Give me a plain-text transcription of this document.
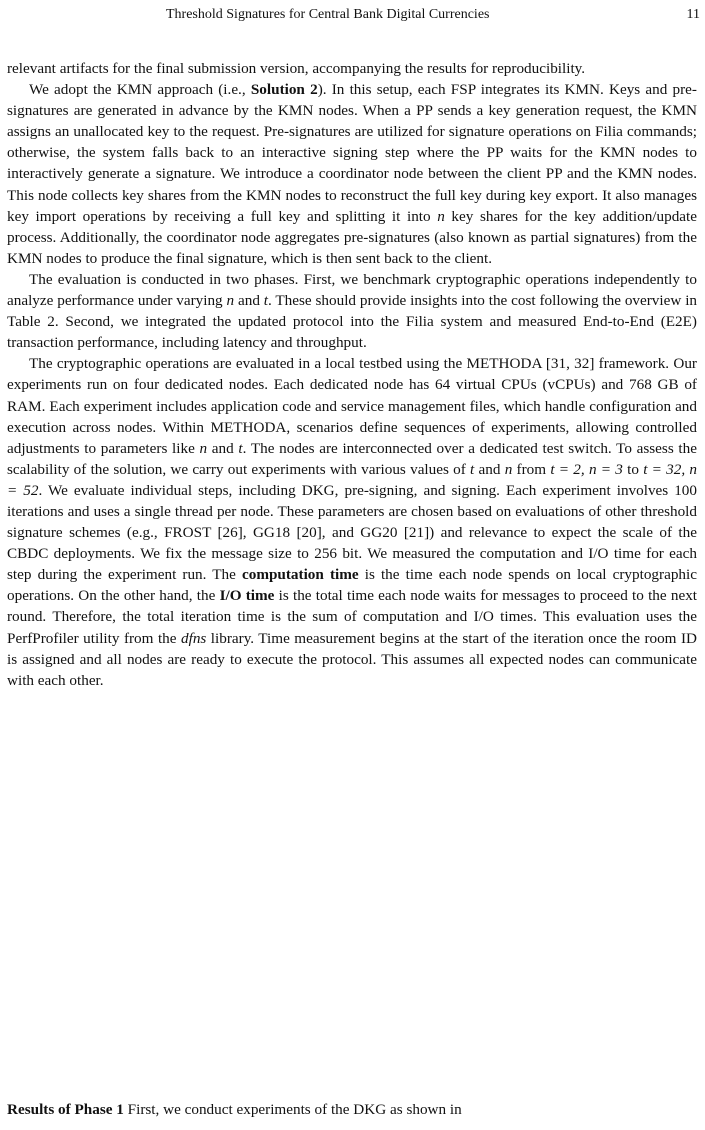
Threshold Signatures for Central Bank Digital Currencies	11

relevant artifacts for the final submission version, accompanying the results for reproducibility.

We adopt the KMN approach (i.e., Solution 2). In this setup, each FSP integrates its KMN. Keys and pre-signatures are generated in advance by the KMN nodes. When a PP sends a key generation request, the KMN assigns an unallocated key to the request. Pre-signatures are utilized for signature operations on Filia commands; otherwise, the system falls back to an interactive signing step where the PP waits for the KMN nodes to interactively generate a signature. We introduce a coordinator node between the client PP and the KMN nodes. This node collects key shares from the KMN nodes to reconstruct the full key during key export. It also manages key import operations by receiving a full key and splitting it into n key shares for the key addition/update process. Additionally, the coordinator node aggregates pre-signatures (also known as partial signatures) from the KMN nodes to produce the final signature, which is then sent back to the client.

The evaluation is conducted in two phases. First, we benchmark cryptographic operations independently to analyze performance under varying n and t. These should provide insights into the cost following the overview in Table 2. Second, we integrated the updated protocol into the Filia system and measured End-to-End (E2E) transaction performance, including latency and throughput.

The cryptographic operations are evaluated in a local testbed using the METHODA [31, 32] framework. Our experiments run on four dedicated nodes. Each dedicated node has 64 virtual CPUs (vCPUs) and 768 GB of RAM. Each experiment includes application code and service management files, which handle configuration and execution across nodes. Within METHODA, scenarios define sequences of experiments, allowing controlled adjustments to parameters like n and t. The nodes are interconnected over a dedicated test switch. To assess the scalability of the solution, we carry out experiments with various values of t and n from t = 2, n = 3 to t = 32, n = 52. We evaluate individual steps, including DKG, pre-signing, and signing. Each experiment involves 100 iterations and uses a single thread per node. These parameters are chosen based on evaluations of other threshold signature schemes (e.g., FROST [26], GG18 [20], and GG20 [21]) and relevance to expect the scale of the CBDC deployments. We fix the message size to 256 bit. We measured the computation and I/O time for each step during the experiment run. The computation time is the time each node spends on local cryptographic operations. On the other hand, the I/O time is the total time each node waits for messages to proceed to the next round. Therefore, the total iteration time is the sum of computation and I/O times. This evaluation uses the PerfProfiler utility from the dfns library. Time measurement begins at the start of the iteration once the room ID is assigned and all nodes are ready to execute the protocol. This assumes all expected nodes can communicate with each other.

Results of Phase 1 First, we conduct experiments of the DKG as shown in
